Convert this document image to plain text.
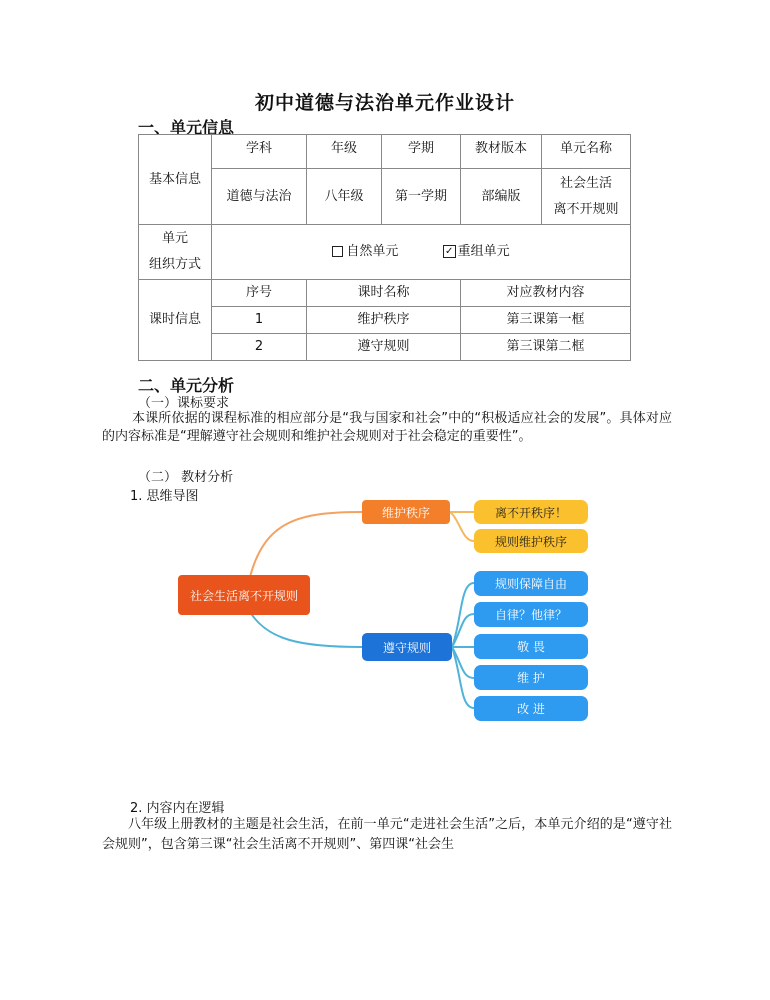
初中道德与法治单元作业设计
一、单元信息
基本信息	学科	年级	学期	教材版本	单元名称
	道德与法治	八年级	第一学期	部编版	社会生活
离不开规则

单元
组织方式	自然单元 ✓ 重组单元				
课时信息	序号	课时名称		对应教材内容	
	1	维护秩序		第三课第一框	
	2	遵守规则		第三课第二框	
二、单元分析
（一）课标要求
本课所依据的课程标准的相应部分是“我与国家和社会”中的“积极适应社会的发展”。具体对应的内容标准是“理解遵守社会规则和维护社会规则对于社会稳定的重要性”。
（二） 教材分析
1. 思维导图
社会生活离不开规则
维护秩序	离不开秩序！
规则维护秩序
遵守规则
规则保障自由
自律？他律？
敬 畏
维 护
改 进
2. 内容内在逻辑
八年级上册教材的主题是社会生活，在前一单元“走进社会生活”之后，本单元介绍的是“遵守社会规则”，包含第三课“社会生活离不开规则”、第四课“社会生
